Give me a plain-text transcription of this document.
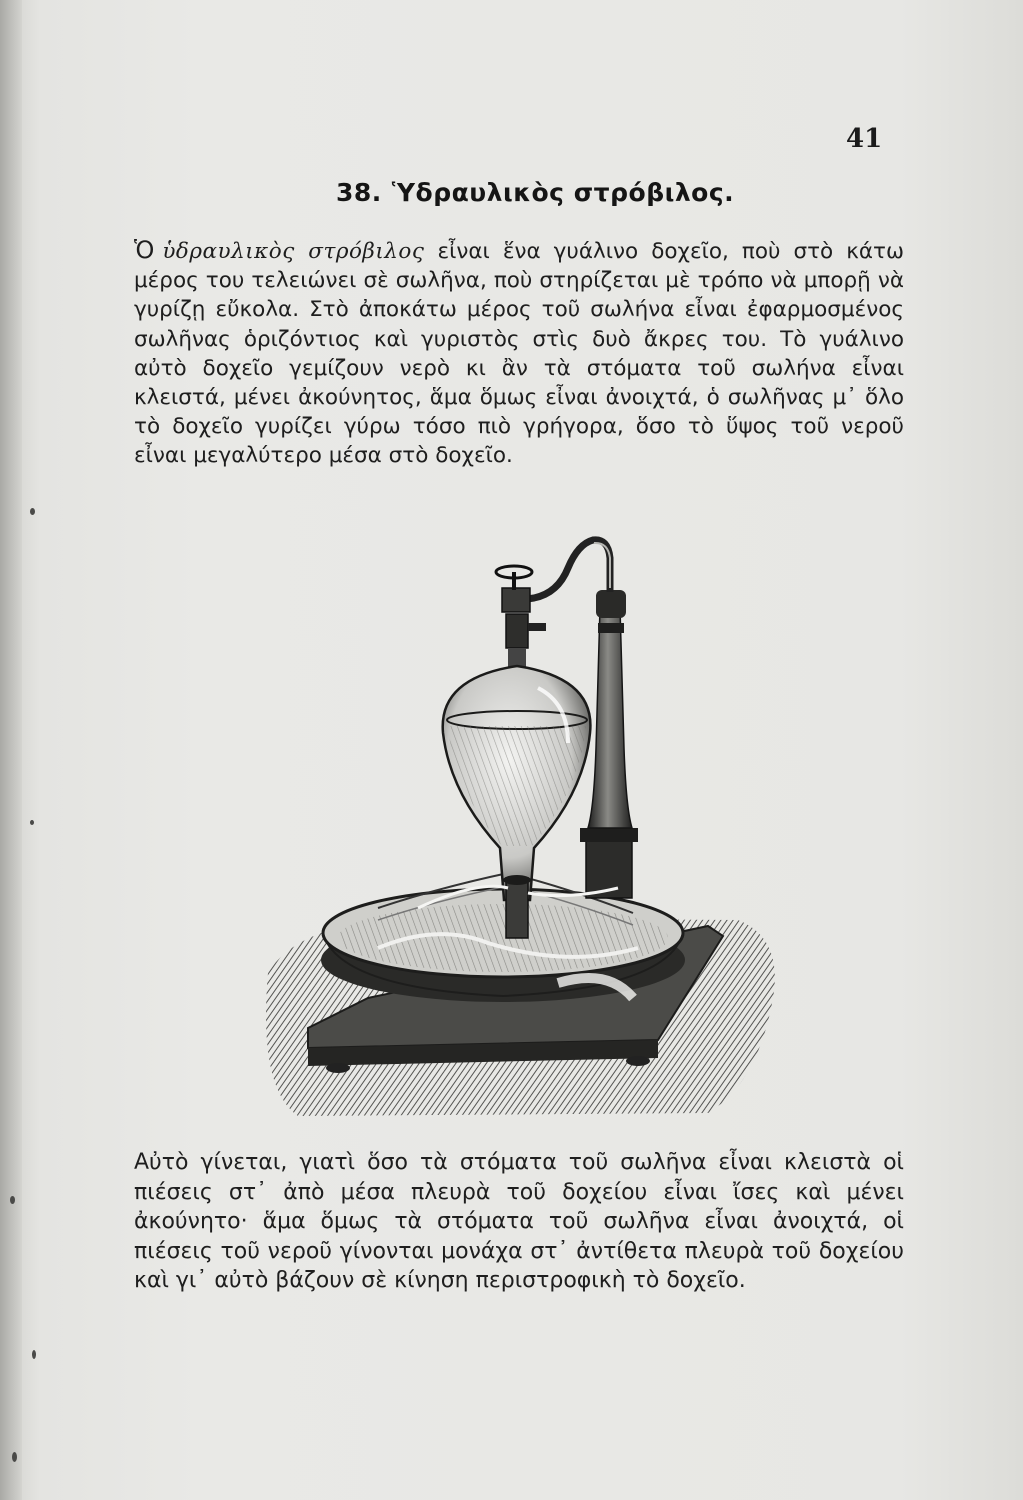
41
38. Ὑδραυλικὸς στρόβιλος.

Ὁ ὑδραυλικὸς στρόβιλος εἶναι ἕνα γυάλινο δοχεῖο, ποὺ στὸ κάτω μέρος του τελειώνει σὲ σωλῆνα, ποὺ στηρίζεται μὲ τρόπο νὰ μπορῇ νὰ γυρίζῃ εὔκολα. Στὸ ἀποκάτω μέρος τοῦ σωλήνα εἶναι ἐφαρμοσμένος σωλῆνας ὁριζόντιος καὶ γυριστὸς στὶς δυὸ ἄκρες του. Τὸ γυάλινο αὐτὸ δοχεῖο γεμίζουν νερὸ κι ἂν τὰ στόματα τοῦ σωλήνα εἶναι κλειστά, μένει ἀκούνητος, ἅμα ὅμως εἶναι ἀνοιχτά, ὁ σωλῆνας μ᾽ ὅλο τὸ δοχεῖο γυρίζει γύρω τόσο πιὸ γρήγορα, ὅσο τὸ ὕψος τοῦ νεροῦ εἶναι μεγαλύτερο μέσα στὸ δοχεῖο.

Αὐτὸ γίνεται, γιατὶ ὅσο τὰ στόματα τοῦ σωλῆνα εἶναι κλειστὰ οἱ πιέσεις στ᾽ ἀπὸ μέσα πλευρὰ τοῦ δοχείου εἶναι ἴσες καὶ μένει ἀκούνητο· ἅμα ὅμως τὰ στόματα τοῦ σωλῆνα εἶναι ἀνοιχτά, οἱ πιέσεις τοῦ νεροῦ γίνονται μονάχα στ᾽ ἀντίθετα πλευρὰ τοῦ δοχείου καὶ γι᾽ αὐτὸ βάζουν σὲ κίνηση περιστροφικὴ τὸ δοχεῖο.
